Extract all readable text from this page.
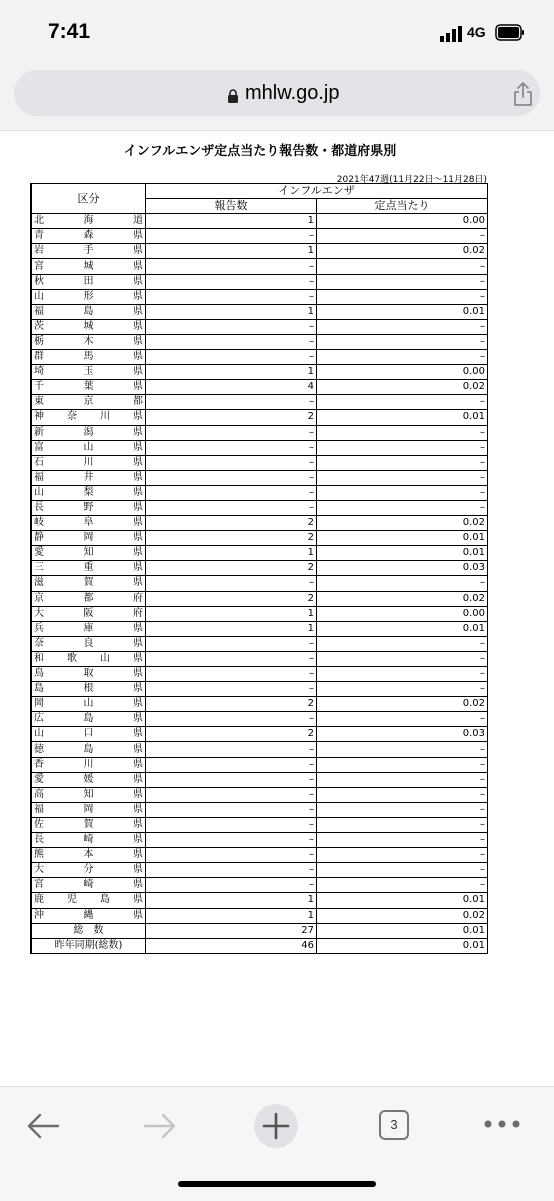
7:41	4G
mhlw.go.jp
インフルエンザ定点当たり報告数・都道府県別
2021年47週(11月22日～11月28日)
区分	インフルエンザ	
	報告数	定点当たり
北海道	1	0.00
青森県	–	–
岩手県	1	0.02
宮城県	–	–
秋田県	–	–
山形県	–	–
福島県	1	0.01
茨城県	–	–
栃木県	–	–
群馬県	–	–
埼玉県	1	0.00
千葉県	4	0.02
東京都	–	–
神奈川県	2	0.01
新潟県	–	–
富山県	–	–
石川県	–	–
福井県	–	–
山梨県	–	–
長野県	–	–
岐阜県	2	0.02
静岡県	2	0.01
愛知県	1	0.01
三重県	2	0.03
滋賀県	–	–
京都府	2	0.02
大阪府	1	0.00
兵庫県	1	0.01
奈良県	–	–
和歌山県	–	–
鳥取県	–	–
島根県	–	–
岡山県	2	0.02
広島県	–	–
山口県	2	0.03
徳島県	–	–
香川県	–	–
愛媛県	–	–
高知県	–	–
福岡県	–	–
佐賀県	–	–
長崎県	–	–
熊本県	–	–
大分県	–	–
宮崎県	–	–
鹿児島県	1	0.01
沖縄県	1	0.02
総　数	27	0.01
昨年同期(総数)	46	0.01
3
